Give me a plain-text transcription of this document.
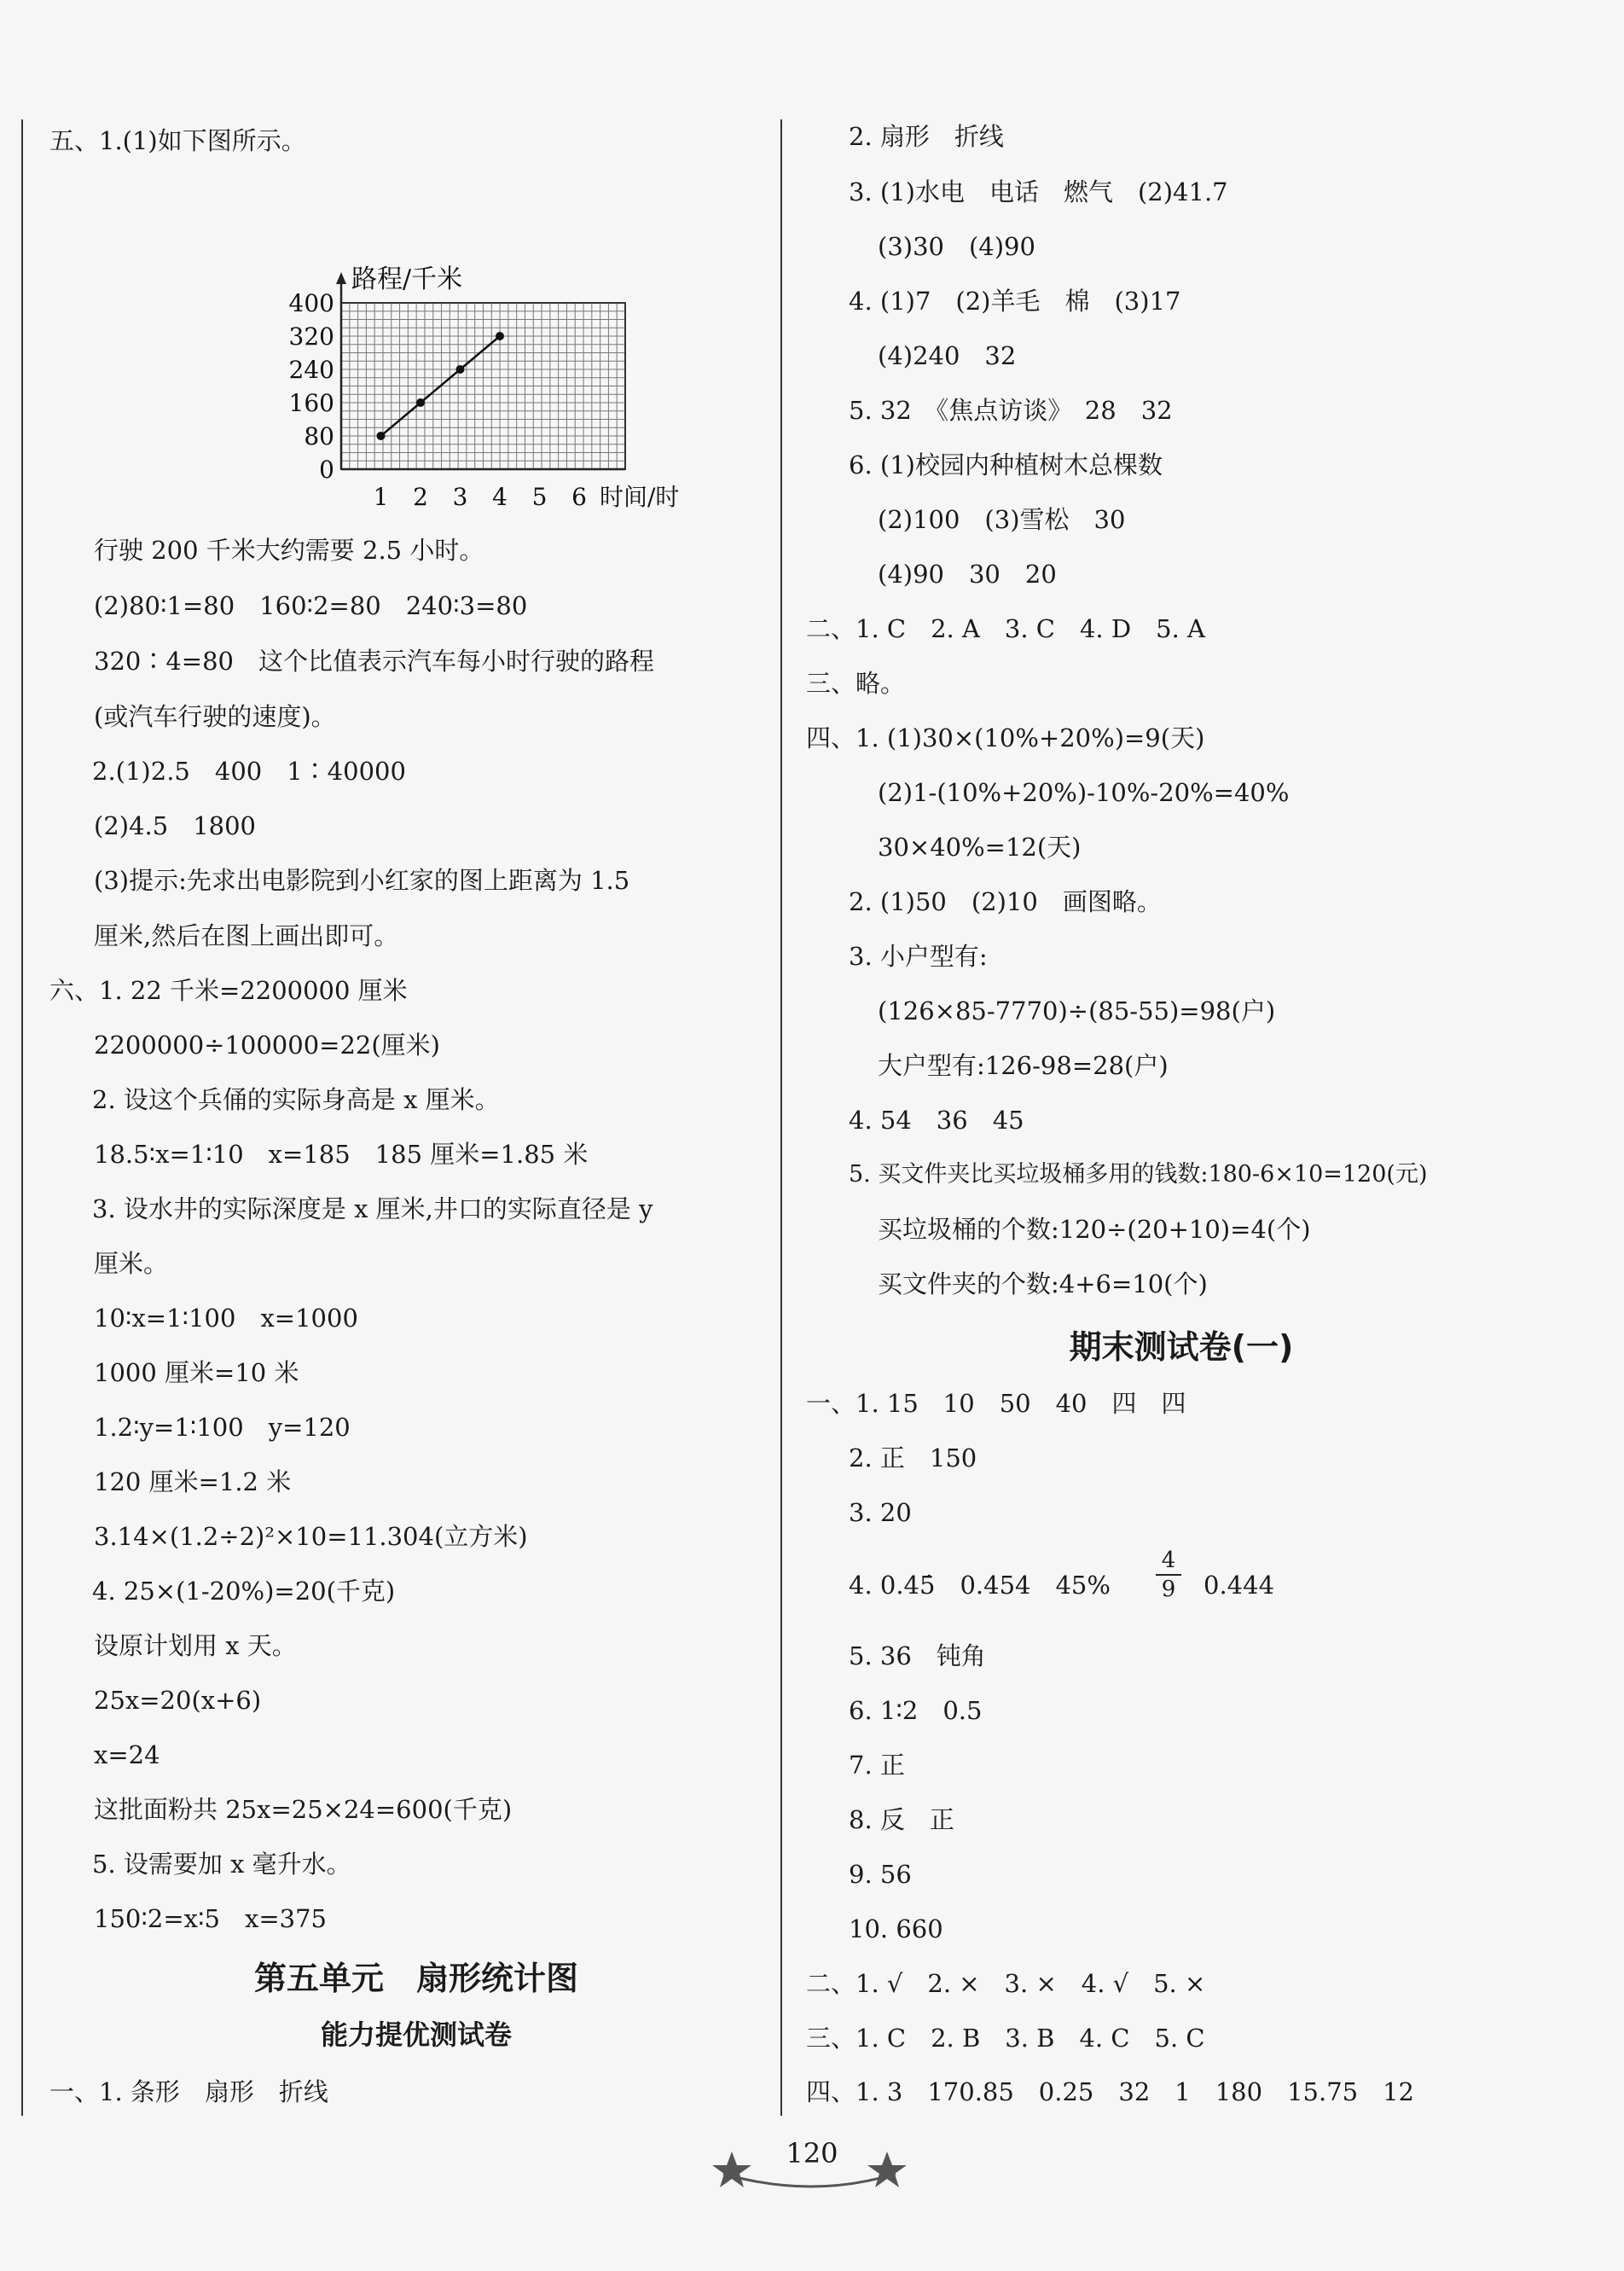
五、1.(1)如下图所示。
路程/千米
0
80
160
240
320
400
1 2 3 4 5 6 时间/时
行驶 200 千米大约需要 2.5 小时。
(2)80∶1=80　160∶2=80　240∶3=80
320∶4=80　这个比值表示汽车每小时行驶的路程
(或汽车行驶的速度)。
2.(1)2.5　400　1∶40000
(2)4.5　1800
(3)提示:先求出电影院到小红家的图上距离为 1.5
厘米,然后在图上画出即可。
六、1. 22 千米=2200000 厘米
2200000÷100000=22(厘米)
2. 设这个兵俑的实际身高是 x 厘米。
18.5∶x=1∶10　x=185　185 厘米=1.85 米
3. 设水井的实际深度是 x 厘米,井口的实际直径是 y
厘米。
10∶x=1∶100　x=1000
1000 厘米=10 米
1.2∶y=1∶100　y=120
120 厘米=1.2 米
3.14×(1.2÷2)²×10=11.304(立方米)
4. 25×(1-20%)=20(千克)
设原计划用 x 天。
25x=20(x+6)
x=24
这批面粉共 25x=25×24=600(千克)
5. 设需要加 x 毫升水。
150∶2=x∶5　x=375
第五单元　扇形统计图
能力提优测试卷
一、1. 条形　扇形　折线
2. 扇形　折线
3. (1)水电　电话　燃气　(2)41.7
(3)30　(4)90
4. (1)7　(2)羊毛　棉　(3)17
(4)240　32
5. 32　《焦点访谈》　28　32
6. (1)校园内种植树木总棵数
(2)100　(3)雪松　30
(4)90　30　20
二、1. C　2. A　3. C　4. D　5. A
三、略。
四、1. (1)30×(10%+20%)=9(天)
(2)1-(10%+20%)-10%-20%=40%
30×40%=12(天)
2. (1)50　(2)10　画图略。
3. 小户型有:
(126×85-7770)÷(85-55)=98(户)
大户型有:126-98=28(户)
4. 54　36　45
5. 买文件夹比买垃圾桶多用的钱数:180-6×10=120(元)
买垃圾桶的个数:120÷(20+10)=4(个)
买文件夹的个数:4+6=10(个)
期末测试卷(一)
一、1. 15　10　50　40　四　四
2. 正　150
3. 20
4. 0.45̇　0.454　45%
4
9 0.444
5. 36　钝角
6. 1∶2　0.5
7. 正
8. 反　正
9. 56
10. 660
二、1. √　2. ×　3. ×　4. √　5. ×
三、1. C　2. B　3. B　4. C　5. C
四、1. 3　170.85　0.25　32　1　180　15.75　12
120
